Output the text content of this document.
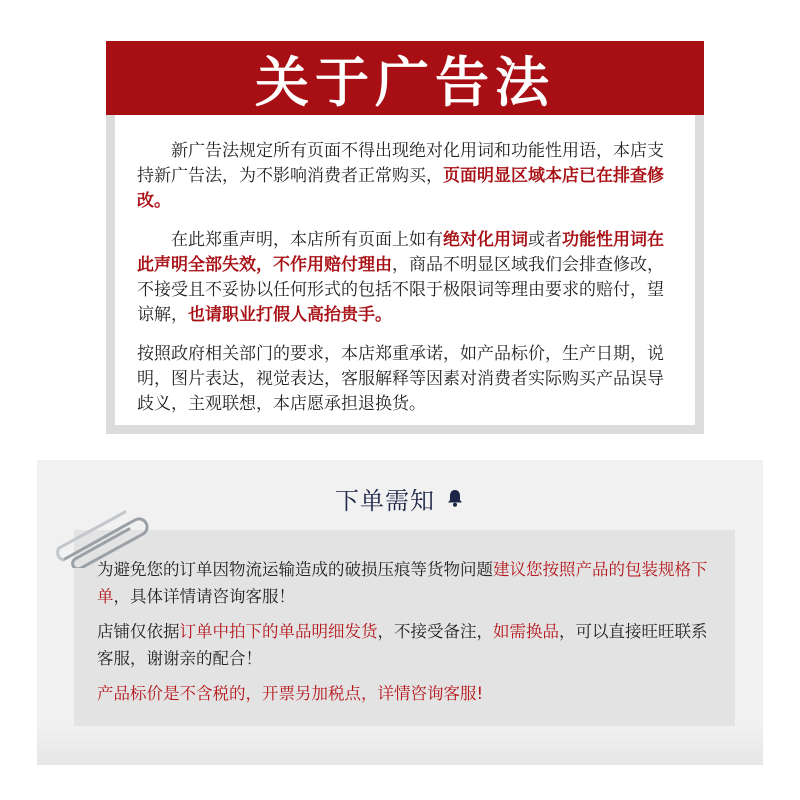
关于广告法

新广告法规定所有页面不得出现绝对化用词和功能性用语，本店支持新广告法，为不影响消费者正常购买，页面明显区域本店已在排查修改。

在此郑重声明，本店所有页面上如有绝对化用词或者功能性用词在此声明全部失效，不作用赔付理由，商品不明显区域我们会排查修改，不接受且不妥协以任何形式的包括不限于极限词等理由要求的赔付，望谅解，也请职业打假人高抬贵手。

按照政府相关部门的要求，本店郑重承诺，如产品标价，生产日期，说明，图片表达，视觉表达，客服解释等因素对消费者实际购买产品误导歧义，主观联想，本店愿承担退换货。

下单需知

为避免您的订单因物流运输造成的破损压痕等货物问题建议您按照产品的包装规格下单，具体详情请咨询客服！

店铺仅依据订单中拍下的单品明细发货，不接受备注，如需换品，可以直接旺旺联系客服，谢谢亲的配合！

产品标价是不含税的，开票另加税点，详情咨询客服!
